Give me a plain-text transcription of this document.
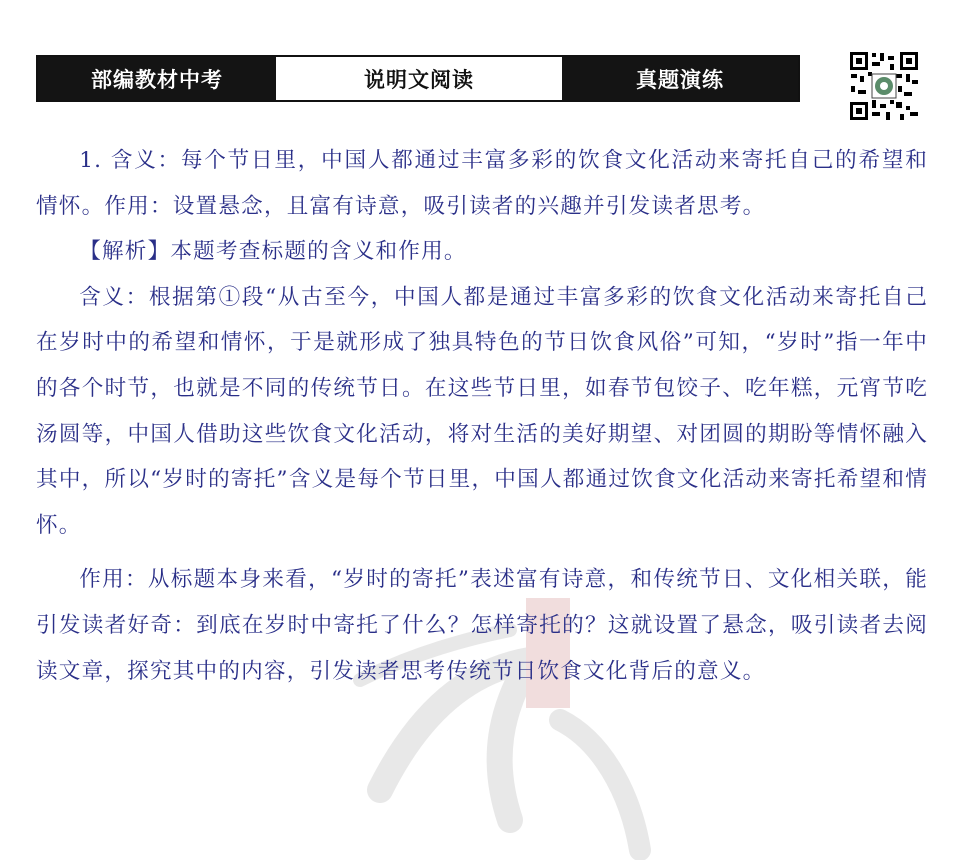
部编教材中考	说明文阅读	真题演练

1. 含义：每个节日里，中国人都通过丰富多彩的饮食文化活动来寄托自己的希望和情怀。作用：设置悬念，且富有诗意，吸引读者的兴趣并引发读者思考。

【解析】本题考查标题的含义和作用。

含义：根据第①段“从古至今，中国人都是通过丰富多彩的饮食文化活动来寄托自己在岁时中的希望和情怀，于是就形成了独具特色的节日饮食风俗”可知，“岁时”指一年中的各个时节，也就是不同的传统节日。在这些节日里，如春节包饺子、吃年糕，元宵节吃汤圆等，中国人借助这些饮食文化活动，将对生活的美好期望、对团圆的期盼等情怀融入其中，所以“岁时的寄托”含义是每个节日里，中国人都通过饮食文化活动来寄托希望和情怀。

作用：从标题本身来看，“岁时的寄托”表述富有诗意，和传统节日、文化相关联，能引发读者好奇：到底在岁时中寄托了什么？怎样寄托的？这就设置了悬念，吸引读者去阅读文章，探究其中的内容，引发读者思考传统节日饮食文化背后的意义。
